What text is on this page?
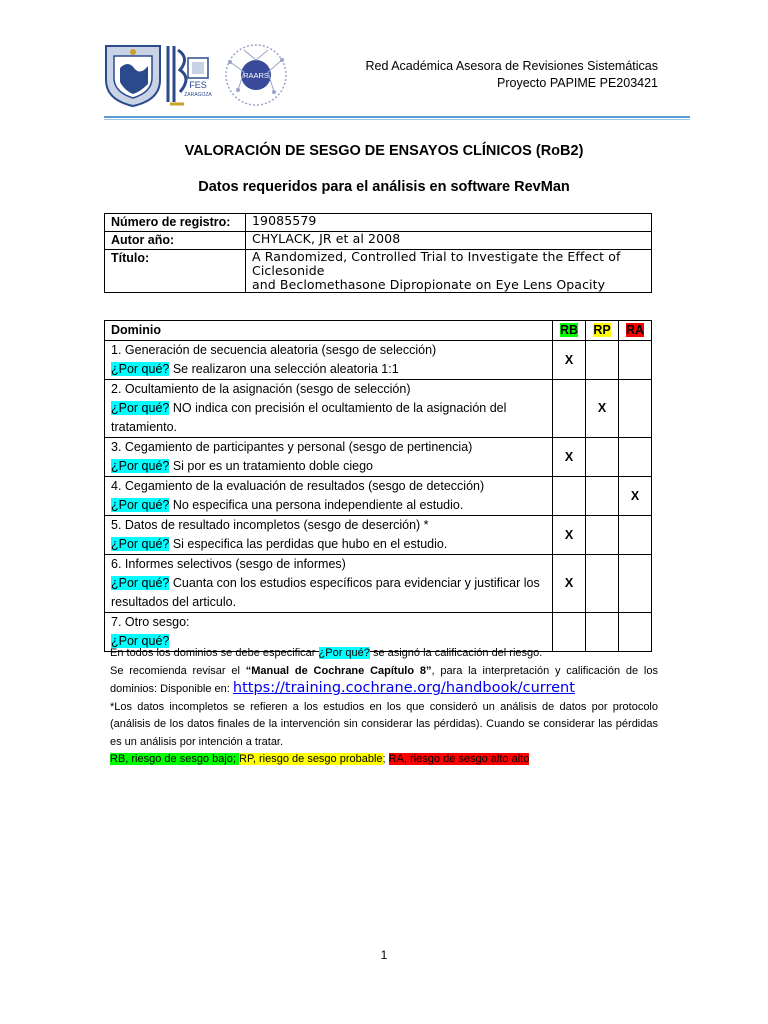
FES
ZARAGOZA
RAARS
Red Académica Asesora de Revisiones Sistemáticas
Proyecto PAPIME PE203421
VALORACIÓN DE SESGO DE ENSAYOS CLÍNICOS (RoB2)
Datos requeridos para el análisis en software RevMan
Número de registro:	19085579
Autor año:	CHYLACK, JR et al 2008
Título:	A Randomized, Controlled Trial to Investigate the Effect of
Ciclesonide
and Beclomethasone Dipropionate on Eye Lens Opacity
Dominio	RB	RP	RA

1. Generación de secuencia aleatoria (sesgo de selección)
¿Por qué? Se realizaron una selección aleatoria 1:1	X		

2. Ocultamiento de la asignación (sesgo de selección)
¿Por qué? NO indica con precisión el ocultamiento de la asignación del tratamiento.		X	

3. Cegamiento de participantes y personal (sesgo de pertinencia)
¿Por qué? Si por es un tratamiento doble ciego	X		

4. Cegamiento de la evaluación de resultados (sesgo de detección)
¿Por qué? No especifica una persona independiente al estudio.			X

5. Datos de resultado incompletos (sesgo de deserción) *
¿Por qué? Si especifica las perdidas que hubo en el estudio.	X		

6. Informes selectivos (sesgo de informes)
¿Por qué? Cuanta con los estudios específicos para evidenciar y justificar los resultados del articulo.	X		

7. Otro sesgo:
¿Por qué?			

En todos los dominios se debe especificar ¿Por qué? se asignó la calificación del riesgo.

Se recomienda revisar el “Manual de Cochrane Capítulo 8”, para la interpretación y calificación de los dominios: Disponible en: https://training.cochrane.org/handbook/current

*Los datos incompletos se refieren a los estudios en los que consideró un análisis de datos por protocolo (análisis de los datos finales de la intervención sin considerar las pérdidas). Cuando se considerar las pérdidas es un análisis por intención a tratar.

RB, riesgo de sesgo bajo; RP, riesgo de sesgo probable; RA, riesgo de sesgo alto alto

1
